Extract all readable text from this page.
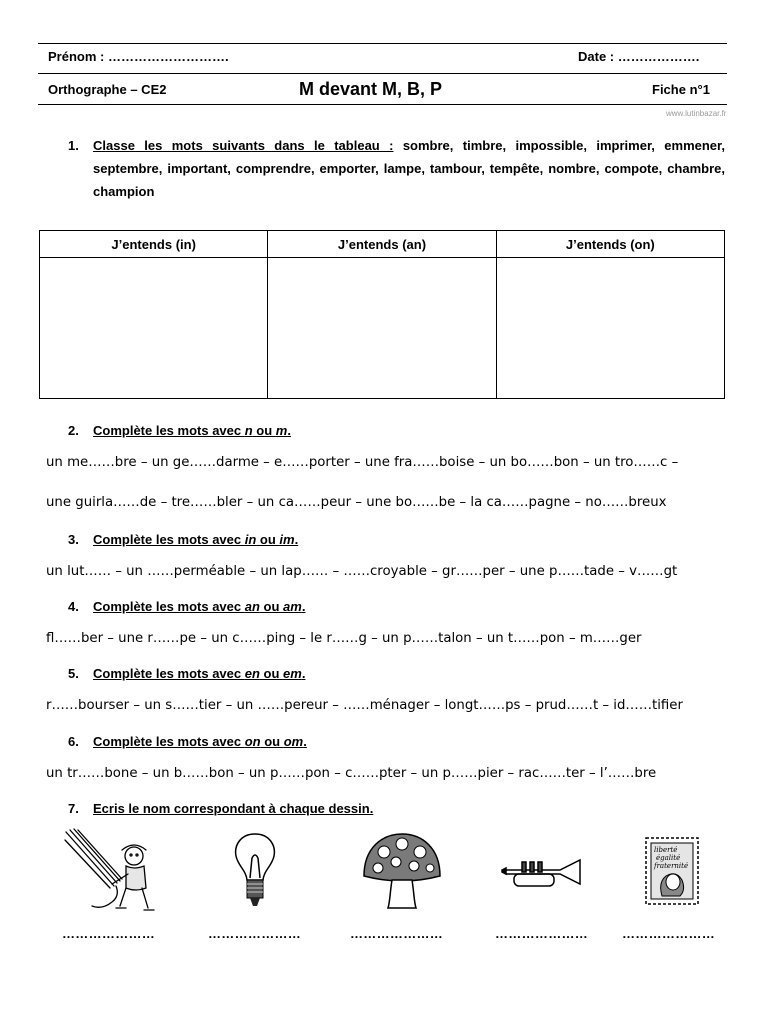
Prénom : ……………………….	Date : ……………….
Orthographe – CE2	M devant M, B, P	Fiche n°1
www.lutinbazar.fr
1. Classe les mots suivants dans le tableau : sombre, timbre, impossible, imprimer, emmener, septembre, important, comprendre, emporter, lampe, tambour, tempête, nombre, compote, chambre, champion
J’entends (in)	J’entends (an)	J’entends (on)

2. Complète les mots avec n ou m.
un me……bre – un ge……darme – e……porter – une fra……boise – un bo……bon – un tro……c –
une guirla……de – tre……bler – un ca……peur – une bo……be – la ca……pagne – no……breux
3. Complète les mots avec in ou im.
un lut…… – un ……perméable – un lap…… – ……croyable – gr……per – une p……tade – v……gt
4. Complète les mots avec an ou am.
fl……ber – une r……pe – un c……ping – le r……g – un p……talon – un t……pon – m……ger
5. Complète les mots avec en ou em.
r……bourser – un s……tier – un ……pereur – ……ménager – longt……ps – prud……t – id……tifier
6. Complète les mots avec on ou om.
un tr……bone – un b……bon – un p……pon – c……pter – un p……pier – rac……ter – l’……bre
7. Ecris le nom correspondant à chaque dessin.
liberté
égalité
fraternité
…………………	…………………	…………………	…………………	…………………
